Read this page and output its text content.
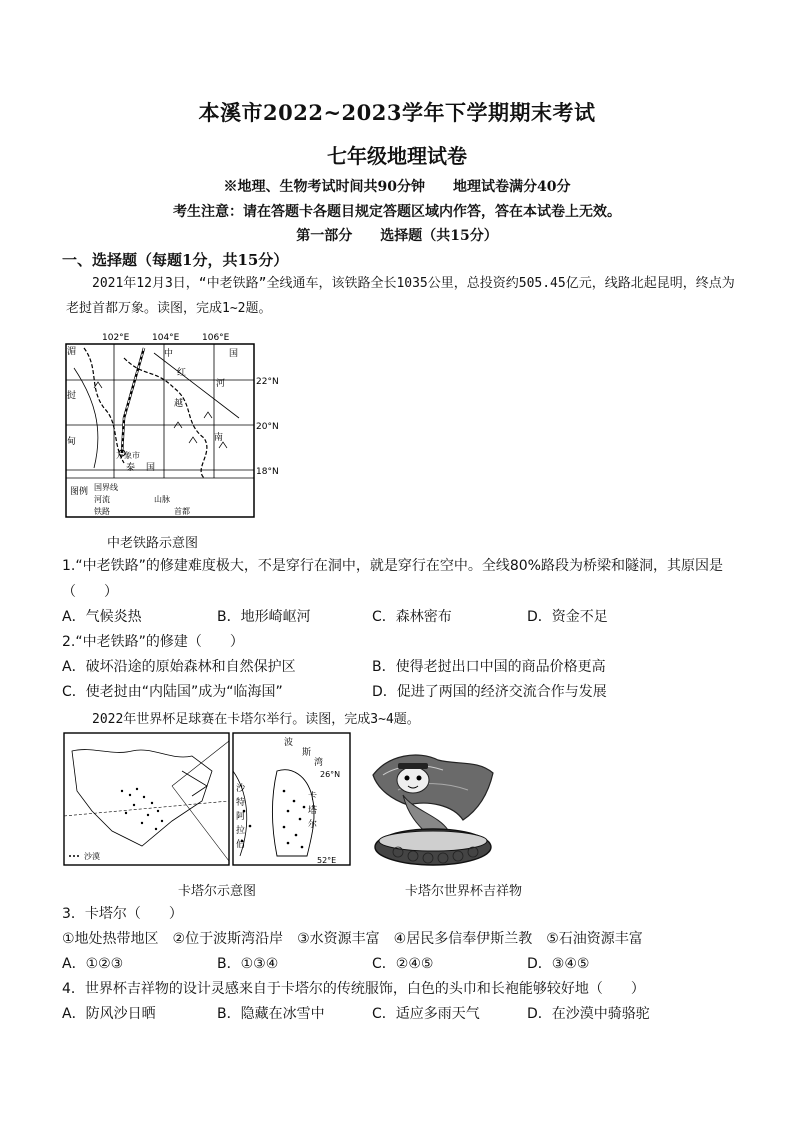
本溪市2022~2023学年下学期期末考试
七年级地理试卷
※地理、生物考试时间共90分钟　　地理试卷满分40分
考生注意：请在答题卡各题目规定答题区域内作答，答在本试卷上无效。
第一部分　　选择题（共15分）
一、选择题（每题1分，共15分）
2021年12月3日，“中老铁路”全线通车，该铁路全长1035公里，总投资约505.45亿元，线路北起昆明，终点为老挝首都万象。读图，完成1~2题。
102°E	104°E	106°E
湄
挝
甸
中	国
红
河
越
南
万象市
泰 国
22°N
20°N
18°N
图例 国界线
河流	山脉
铁路	首都
中老铁路示意图
1.“中老铁路”的修建难度极大，不是穿行在洞中，就是穿行在空中。全线80%路段为桥梁和隧洞，其原因是（　　）
A．气候炎热	B．地形崎岖河	C．森林密布	D．资金不足
2.“中老铁路”的修建（　　）
A．破坏沿途的原始森林和自然保护区	B．使得老挝出口中国的商品价格更高
C．使老挝由“内陆国”成为“临海国”	D．促进了两国的经济交流合作与发展
2022年世界杯足球赛在卡塔尔举行。读图，完成3~4题。
沙漠
波
斯
湾
26°N
卡
塔
尔
沙
特
阿
拉
伯
52°E
卡塔尔示意图	卡塔尔世界杯吉祥物
3．卡塔尔（　　）
①地处热带地区　②位于波斯湾沿岸　③水资源丰富　④居民多信奉伊斯兰教　⑤石油资源丰富
A．①②③	B．①③④	C．②④⑤	D．③④⑤
4．世界杯吉祥物的设计灵感来自于卡塔尔的传统服饰，白色的头巾和长袍能够较好地（　　）
A．防风沙日晒	B．隐藏在冰雪中	C．适应多雨天气	D．在沙漠中骑骆驼
